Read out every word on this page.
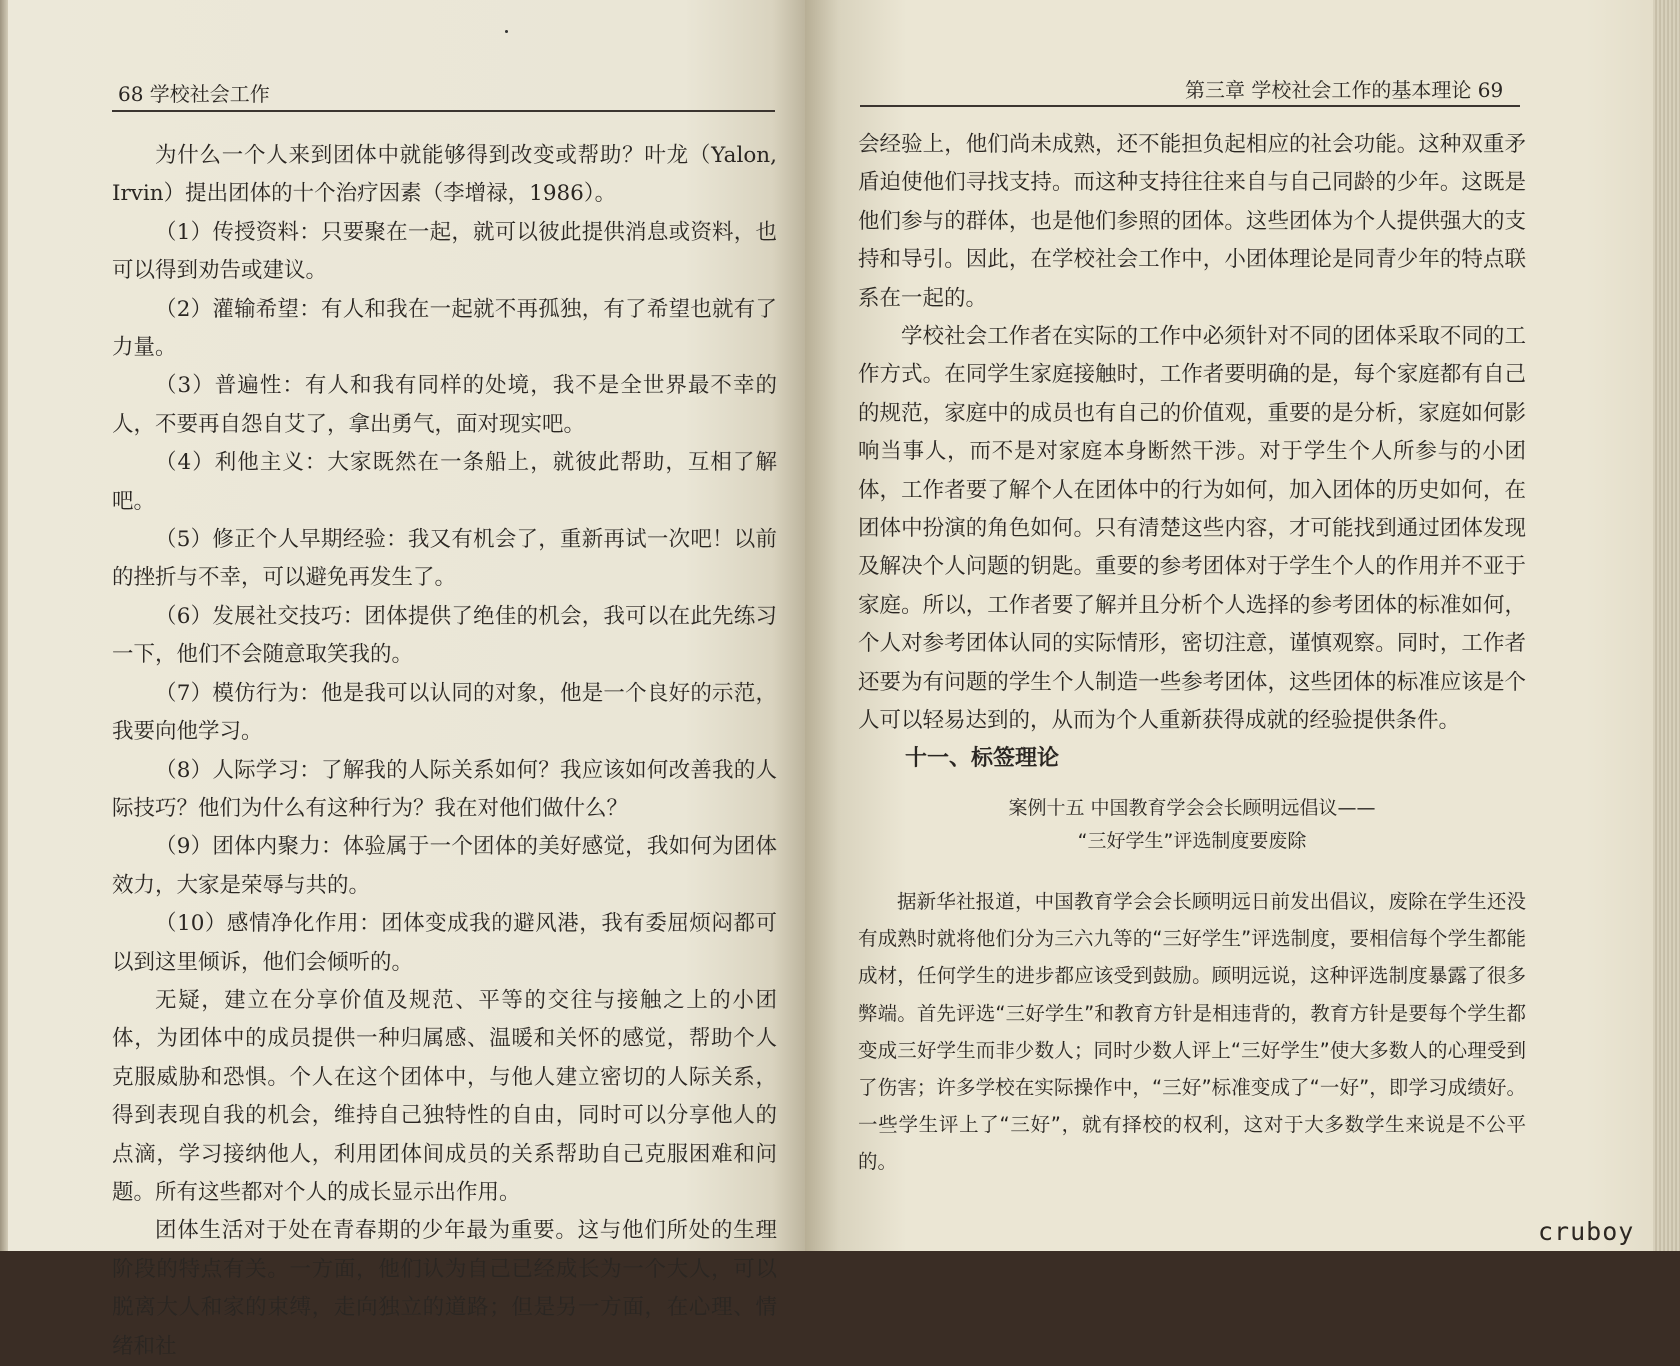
68 学校社会工作

为什么一个人来到团体中就能够得到改变或帮助？叶龙（Yalon, Irvin）提出团体的十个治疗因素（李增禄，1986）。

（1）传授资料：只要聚在一起，就可以彼此提供消息或资料，也可以得到劝告或建议。

（2）灌输希望：有人和我在一起就不再孤独，有了希望也就有了力量。

（3）普遍性：有人和我有同样的处境，我不是全世界最不幸的人，不要再自怨自艾了，拿出勇气，面对现实吧。

（4）利他主义：大家既然在一条船上，就彼此帮助，互相了解吧。

（5）修正个人早期经验：我又有机会了，重新再试一次吧！以前的挫折与不幸，可以避免再发生了。

（6）发展社交技巧：团体提供了绝佳的机会，我可以在此先练习一下，他们不会随意取笑我的。

（7）模仿行为：他是我可以认同的对象，他是一个良好的示范，我要向他学习。

（8）人际学习：了解我的人际关系如何？我应该如何改善我的人际技巧？他们为什么有这种行为？我在对他们做什么？

（9）团体内聚力：体验属于一个团体的美好感觉，我如何为团体效力，大家是荣辱与共的。

（10）感情净化作用：团体变成我的避风港，我有委屈烦闷都可以到这里倾诉，他们会倾听的。

无疑，建立在分享价值及规范、平等的交往与接触之上的小团体，为团体中的成员提供一种归属感、温暖和关怀的感觉，帮助个人克服威胁和恐惧。个人在这个团体中，与他人建立密切的人际关系，得到表现自我的机会，维持自己独特性的自由，同时可以分享他人的点滴，学习接纳他人，利用团体间成员的关系帮助自己克服困难和问题。所有这些都对个人的成长显示出作用。

团体生活对于处在青春期的少年最为重要。这与他们所处的生理阶段的特点有关。一方面，他们认为自己已经成长为一个大人，可以脱离大人和家的束缚，走向独立的道路；但是另一方面，在心理、情绪和社

第三章 学校社会工作的基本理论 69

会经验上，他们尚未成熟，还不能担负起相应的社会功能。这种双重矛盾迫使他们寻找支持。而这种支持往往来自与自己同龄的少年。这既是他们参与的群体，也是他们参照的团体。这些团体为个人提供强大的支持和导引。因此，在学校社会工作中，小团体理论是同青少年的特点联系在一起的。

学校社会工作者在实际的工作中必须针对不同的团体采取不同的工作方式。在同学生家庭接触时，工作者要明确的是，每个家庭都有自己的规范，家庭中的成员也有自己的价值观，重要的是分析，家庭如何影响当事人，而不是对家庭本身断然干涉。对于学生个人所参与的小团体，工作者要了解个人在团体中的行为如何，加入团体的历史如何，在团体中扮演的角色如何。只有清楚这些内容，才可能找到通过团体发现及解决个人问题的钥匙。重要的参考团体对于学生个人的作用并不亚于家庭。所以，工作者要了解并且分析个人选择的参考团体的标准如何，个人对参考团体认同的实际情形，密切注意，谨慎观察。同时，工作者还要为有问题的学生个人制造一些参考团体，这些团体的标准应该是个人可以轻易达到的，从而为个人重新获得成就的经验提供条件。

十一、标签理论
案例十五 中国教育学会会长顾明远倡议——
“三好学生”评选制度要废除

据新华社报道，中国教育学会会长顾明远日前发出倡议，废除在学生还没有成熟时就将他们分为三六九等的“三好学生”评选制度，要相信每个学生都能成材，任何学生的进步都应该受到鼓励。顾明远说，这种评选制度暴露了很多弊端。首先评选“三好学生”和教育方针是相违背的，教育方针是要每个学生都变成三好学生而非少数人；同时少数人评上“三好学生”使大多数人的心理受到了伤害；许多学校在实际操作中，“三好”标准变成了“一好”，即学习成绩好。一些学生评上了“三好”，就有择校的权利，这对于大多数学生来说是不公平的。

cruboy
